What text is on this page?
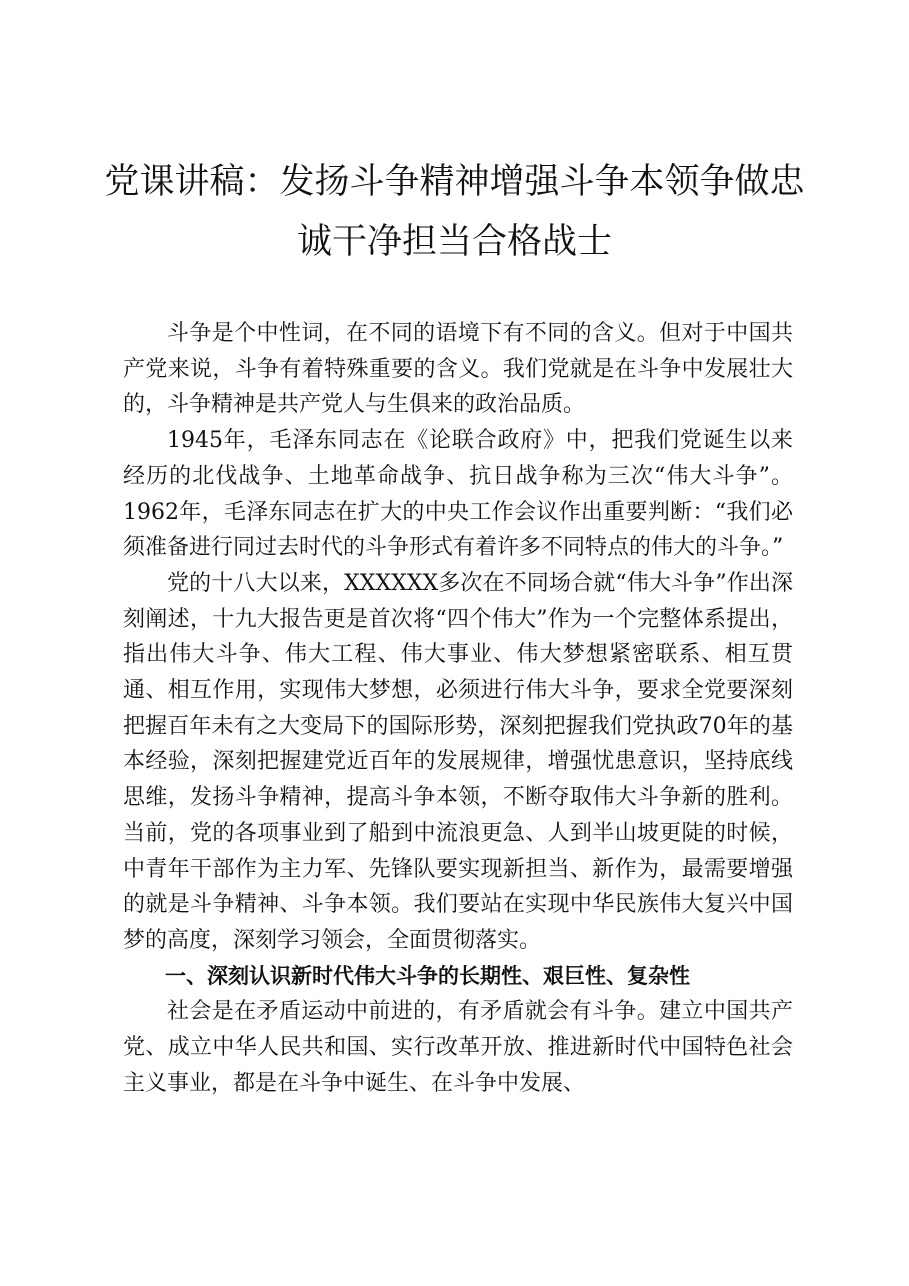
党课讲稿：发扬斗争精神增强斗争本领争做忠
诚干净担当合格战士

斗争是个中性词，在不同的语境下有不同的含义。但对于中国共产党来说，斗争有着特殊重要的含义。我们党就是在斗争中发展壮大的，斗争精神是共产党人与生俱来的政治品质。

1945年，毛泽东同志在《论联合政府》中，把我们党诞生以来经历的北伐战争、土地革命战争、抗日战争称为三次“伟大斗争”。1962年，毛泽东同志在扩大的中央工作会议作出重要判断：“我们必须准备进行同过去时代的斗争形式有着许多不同特点的伟大的斗争。”

党的十八大以来，XXXXXX多次在不同场合就“伟大斗争”作出深刻阐述，十九大报告更是首次将“四个伟大”作为一个完整体系提出，指出伟大斗争、伟大工程、伟大事业、伟大梦想紧密联系、相互贯通、相互作用，实现伟大梦想，必须进行伟大斗争，要求全党要深刻把握百年未有之大变局下的国际形势，深刻把握我们党执政70年的基本经验，深刻把握建党近百年的发展规律，增强忧患意识，坚持底线思维，发扬斗争精神，提高斗争本领，不断夺取伟大斗争新的胜利。当前，党的各项事业到了船到中流浪更急、人到半山坡更陡的时候，中青年干部作为主力军、先锋队要实现新担当、新作为，最需要增强的就是斗争精神、斗争本领。我们要站在实现中华民族伟大复兴中国梦的高度，深刻学习领会，全面贯彻落实。

一、深刻认识新时代伟大斗争的长期性、艰巨性、复杂性

社会是在矛盾运动中前进的，有矛盾就会有斗争。建立中国共产党、成立中华人民共和国、实行改革开放、推进新时代中国特色社会主义事业，都是在斗争中诞生、在斗争中发展、
